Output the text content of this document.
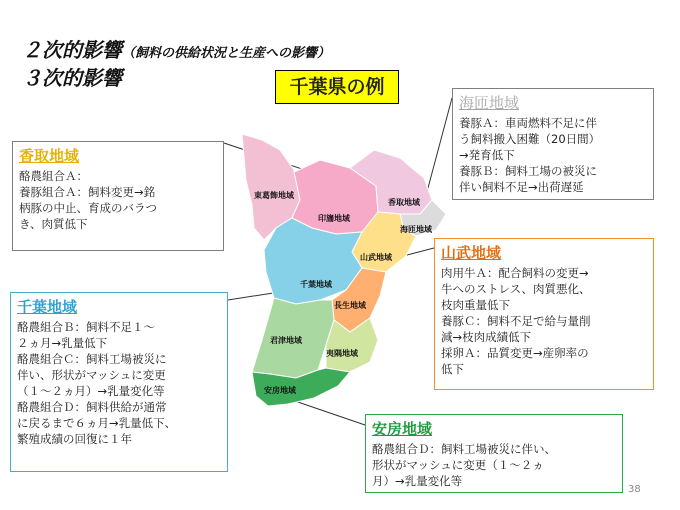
２次的影響（飼料の供給状況と生産への影響）
３次的影響	千葉県の例
東葛飾地域
印旛地域
香取地域
海匝地域
山武地域
千葉地域
長生地域
君津地域
夷隅地域
安房地域
香取地域
酪農組合Ａ：
養豚組合Ａ：飼料変更→銘
柄豚の中止、育成のバラつ
き、肉質低下
海匝地域
養豚Ａ：車両燃料不足に伴
う飼料搬入困難（20日間）
→発育低下
養豚Ｂ：飼料工場の被災に
伴い飼料不足→出荷遅延
山武地域
肉用牛Ａ：配合飼料の変更→
牛へのストレス、肉質悪化、
枝肉重量低下
養豚Ｃ：飼料不足で給与量削
減→枝肉成績低下
採卵Ａ：品質変更→産卵率の
低下
千葉地域
酪農組合Ｂ：飼料不足１～
２ヵ月→乳量低下
酪農組合Ｃ：飼料工場被災に
伴い、形状がマッシュに変更
（１～２ヵ月）→乳量変化等
酪農組合Ｄ：飼料供給が通常
に戻るまで６ヵ月→乳量低下、
繁殖成績の回復に１年
安房地域
酪農組合Ｄ：飼料工場被災に伴い、
形状がマッシュに変更（１～２ヵ
月）→乳量変化等
38
